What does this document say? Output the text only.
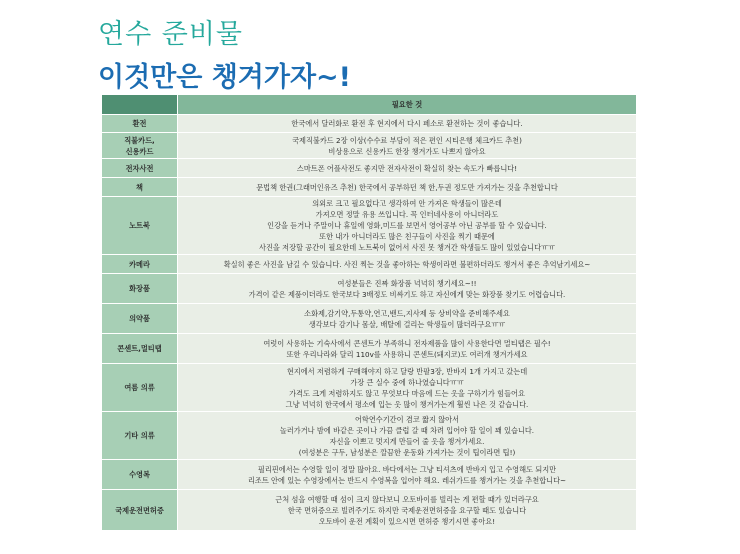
연수 준비물
이것만은 챙겨가자~!
	필요한 것

환전	한국에서 달러화로 환전 후 현지에서 다시 페소로 환전하는 것이 좋습니다.

직불카드,
신용카드	국제직불카드 2장 이상(수수료 부담이 적은 편인 시티은행 체크카드 추천)
비상용으로 신용카드 한장 챙겨가도 나쁘지 않아요

전자사전	스마트폰 어플사전도 좋지만 전자사전이 확실히 찾는 속도가 빠릅니다!

책	문법책 한권(그래머인유즈 추천) 한국에서 공부하던 책 한,두권 정도만 가져가는 것을 추천합니다

노트북	의외로 크고 필요없다고 생각하여 안 가져온 학생들이 많은데
가져오면 정말 유용 쓰입니다. 꼭 인터네사용이 아니더라도
인강을 듣거나 주말이나 휴일에 영화,미드를 보면서 영어공부 아닌 공부를 할 수 있습니다.
또한 내가 아니더라도 많은 친구들이 사진을 찍기 때문에
사진을 저장할 공간이 필요한데 노트북이 없어서 사진 못 챙겨간 학생들도 많이 있었습니다ㅠㅠ

카메라	확실히 좋은 사진을 남길 수 있습니다. 사진 찍는 것을 좋아하는 학생이라면 불편하더라도 챙겨서 좋은 추억남기세요~

화장품	여성분들은 진짜 화장품 넉넉히 챙기세요~!!
가격이 같은 제품이더라도 한국보다 3배정도 비싸기도 하고 자신에게 맞는 화장품 찾기도 어렵습니다.

의약품	소화제,감기약,두통약,연고,밴드,지사제 등 상비약을 준비해주세요
생각보다 감기나 몸살, 배탈에 걸리는 학생들이 많더라구요ㅠㅠ

콘센트,멀티탭	여럿이 사용하는 기숙사에서 콘센트가 부족하니 전자제품을 많이 사용한다면 멀티탭은 필수!
또한 우리나라와 달리 110v를 사용하니 콘센트(돼지코)도 여러개 챙겨가세요

여름 의류	현지에서 저렴하게 구매해야지 하고 달랑 반팔3장, 반바지 1개 가지고 갔는데
가장 큰 실수 중에 하나였습니다ㅠㅠ
가격도 크게 저렴하지도 않고 무엇보다 마음에 드는 옷을 구하기가 힘들어요
그냥 넉넉히 한국에서 평소에 입는 옷 많이 챙겨가는게 훨씬 나은 것 같습니다.

기타 의류	어학연수기간이 겸코 짧지 않아서
놀러가거나 밤에 바같은 곳이나 가끔 클럽 갈 때 차려 입어야 할 일이 꽤 있습니다.
자신을 이쁘고 멋지게 만들어 줄 옷을 챙겨가세요.
(여성분은 구두, 남성분은 깔끔한 운동화 가져가는 것이 팁이라면 팁!)

수영복	필리핀에서는 수영할 일이 정말 많아요. 바다에서는 그냥 티셔츠에 반바지 입고 수영해도 되지만
리조트 안에 있는 수영장에서는 반드시 수영복을 입어야 해요. 레쉬가드를 챙겨가는 것을 추천합니다~

국제운전면허증	근처 섬을 여행할 때 섬이 크지 않다보니 오토바이를 빌리는 게 편할 때가 있더라구요
한국 면허증으로 빌려주기도 하지만 국제운전면허증을 요구할 때도 있습니다
오토바이 운전 계획이 있으시면 면허증 챙기시면 좋아요!
